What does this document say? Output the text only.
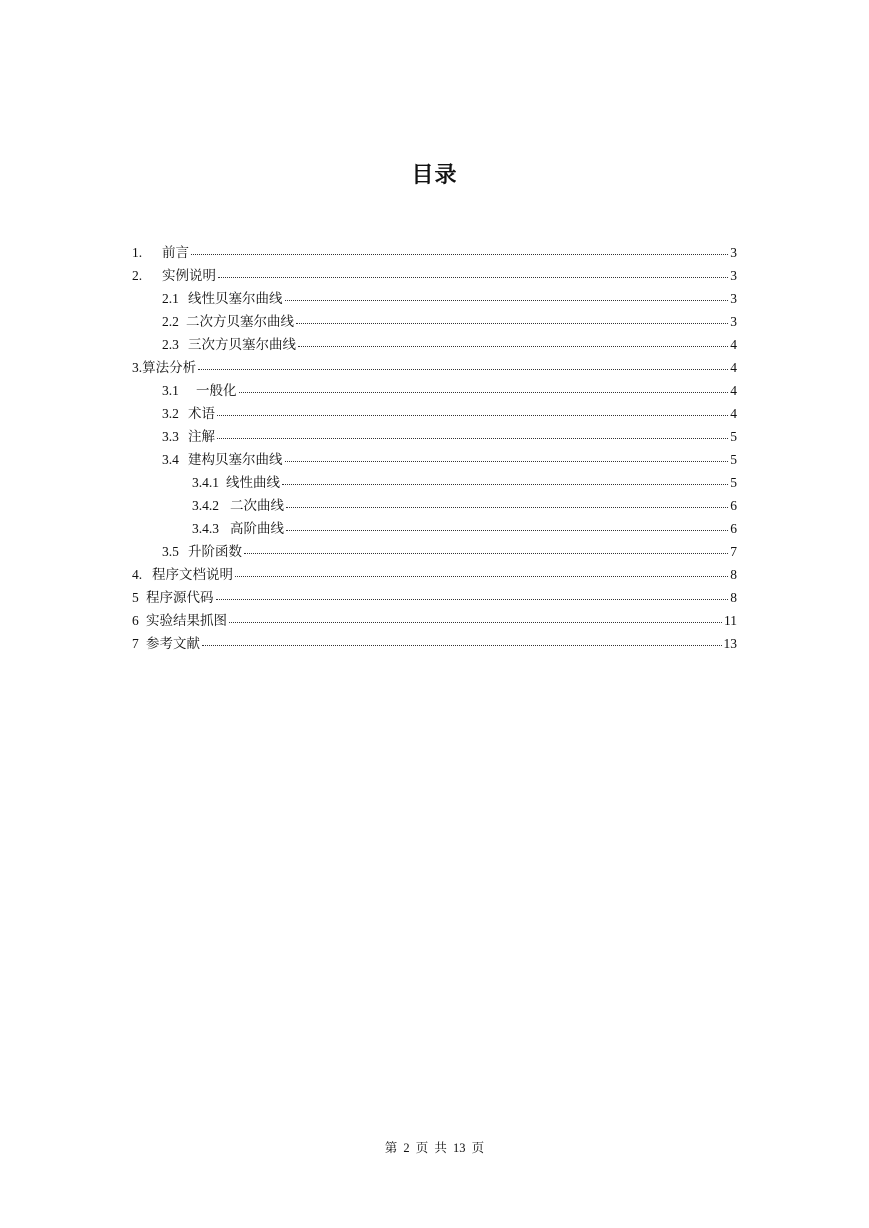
目录
1. 前言	3
2. 实例说明	3
2.1 线性贝塞尔曲线	3
2.2 二次方贝塞尔曲线	3
2.3 三次方贝塞尔曲线	4
3.算法分析	4
3.1 一般化	4
3.2 术语	4
3.3 注解	5
3.4 建构贝塞尔曲线	5
3.4.1 线性曲线	5
3.4.2 二次曲线	6
3.4.3 高阶曲线	6
3.5 升阶函数	7
4. 程序文档说明	8
5 程序源代码	8
6 实验结果抓图	11
7 参考文献	13
第 2 页 共 13 页
